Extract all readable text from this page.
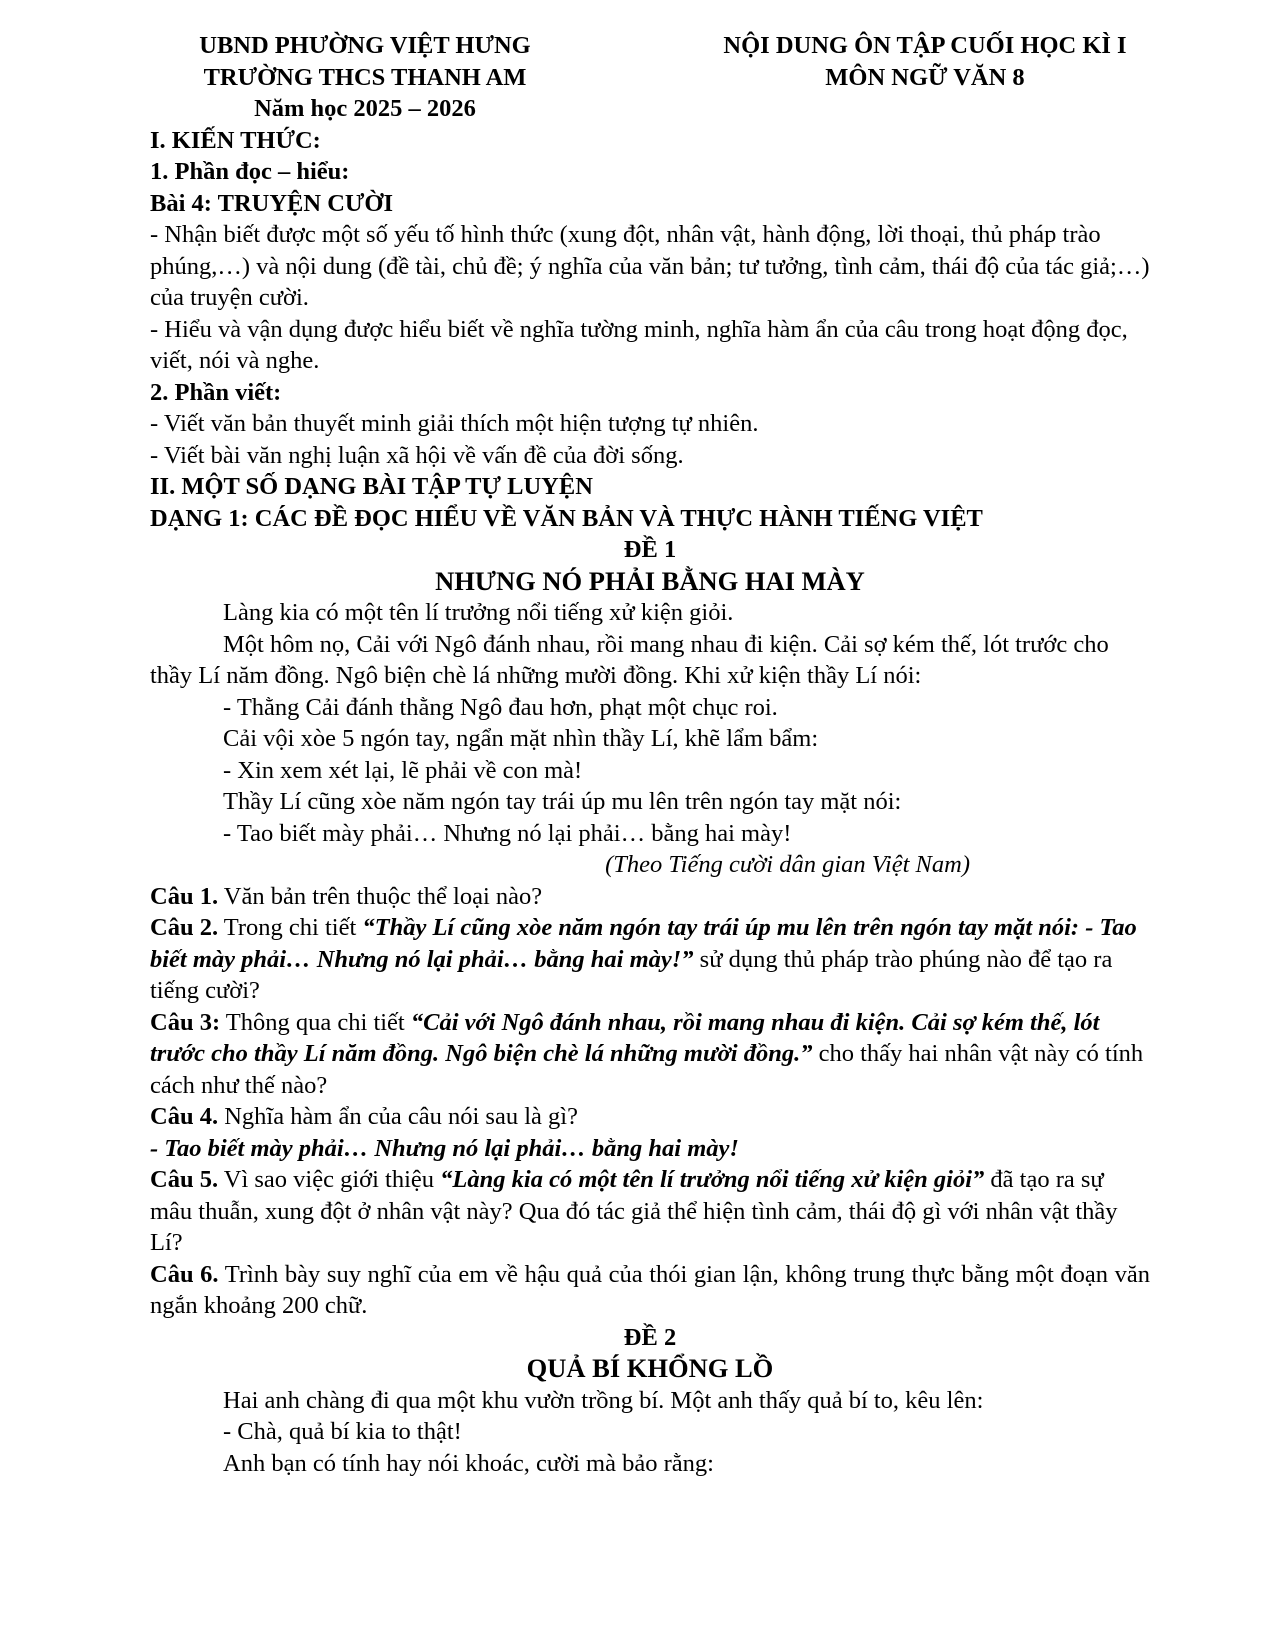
UBND PHƯỜNG VIỆT HƯNG
TRƯỜNG THCS THANH AM
Năm học 2025 – 2026
NỘI DUNG ÔN TẬP CUỐI HỌC KÌ I
MÔN NGỮ VĂN 8

I. KIẾN THỨC:

1. Phần đọc – hiểu:

Bài 4: TRUYỆN CƯỜI

- Nhận biết được một số yếu tố hình thức (xung đột, nhân vật, hành động, lời thoại, thủ pháp trào phúng,…) và nội dung (đề tài, chủ đề; ý nghĩa của văn bản; tư tưởng, tình cảm, thái độ của tác giả;…) của truyện cười.

- Hiểu và vận dụng được hiểu biết về nghĩa tường minh, nghĩa hàm ẩn của câu trong hoạt động đọc, viết, nói và nghe.

2. Phần viết:

- Viết văn bản thuyết minh giải thích một hiện tượng tự nhiên.

- Viết bài văn nghị luận xã hội về vấn đề của đời sống.

II. MỘT SỐ DẠNG BÀI TẬP TỰ LUYỆN

DẠNG 1: CÁC ĐỀ ĐỌC HIỂU VỀ VĂN BẢN VÀ THỰC HÀNH TIẾNG VIỆT

ĐỀ 1

NHƯNG NÓ PHẢI BẰNG HAI MÀY

Làng kia có một tên lí trưởng nổi tiếng xử kiện giỏi.

Một hôm nọ, Cải với Ngô đánh nhau, rồi mang nhau đi kiện. Cải sợ kém thế, lót trước cho thầy Lí năm đồng. Ngô biện chè lá những mười đồng. Khi xử kiện thầy Lí nói:

- Thằng Cải đánh thằng Ngô đau hơn, phạt một chục roi.

Cải vội xòe 5 ngón tay, ngẩn mặt nhìn thầy Lí, khẽ lẩm bẩm:

- Xin xem xét lại, lẽ phải về con mà!

Thầy Lí cũng xòe năm ngón tay trái úp mu lên trên ngón tay mặt nói:

- Tao biết mày phải… Nhưng nó lại phải… bằng hai mày!

(Theo Tiếng cười dân gian Việt Nam)

Câu 1. Văn bản trên thuộc thể loại nào?

Câu 2. Trong chi tiết “Thầy Lí cũng xòe năm ngón tay trái úp mu lên trên ngón tay mặt nói: - Tao biết mày phải… Nhưng nó lại phải… bằng hai mày!” sử dụng thủ pháp trào phúng nào để tạo ra tiếng cười?

Câu 3: Thông qua chi tiết “Cải với Ngô đánh nhau, rồi mang nhau đi kiện. Cải sợ kém thế, lót trước cho thầy Lí năm đồng. Ngô biện chè lá những mười đồng.” cho thấy hai nhân vật này có tính cách như thế nào?

Câu 4. Nghĩa hàm ẩn của câu nói sau là gì?

- Tao biết mày phải… Nhưng nó lại phải… bằng hai mày!

Câu 5. Vì sao việc giới thiệu “Làng kia có một tên lí trưởng nổi tiếng xử kiện giỏi” đã tạo ra sự mâu thuẫn, xung đột ở nhân vật này? Qua đó tác giả thể hiện tình cảm, thái độ gì với nhân vật thầy Lí?

Câu 6. Trình bày suy nghĩ của em về hậu quả của thói gian lận, không trung thực bằng một đoạn văn ngắn khoảng 200 chữ.

ĐỀ 2

QUẢ BÍ KHỔNG LỒ

Hai anh chàng đi qua một khu vườn trồng bí. Một anh thấy quả bí to, kêu lên:

- Chà, quả bí kia to thật!

Anh bạn có tính hay nói khoác, cười mà bảo rằng:
